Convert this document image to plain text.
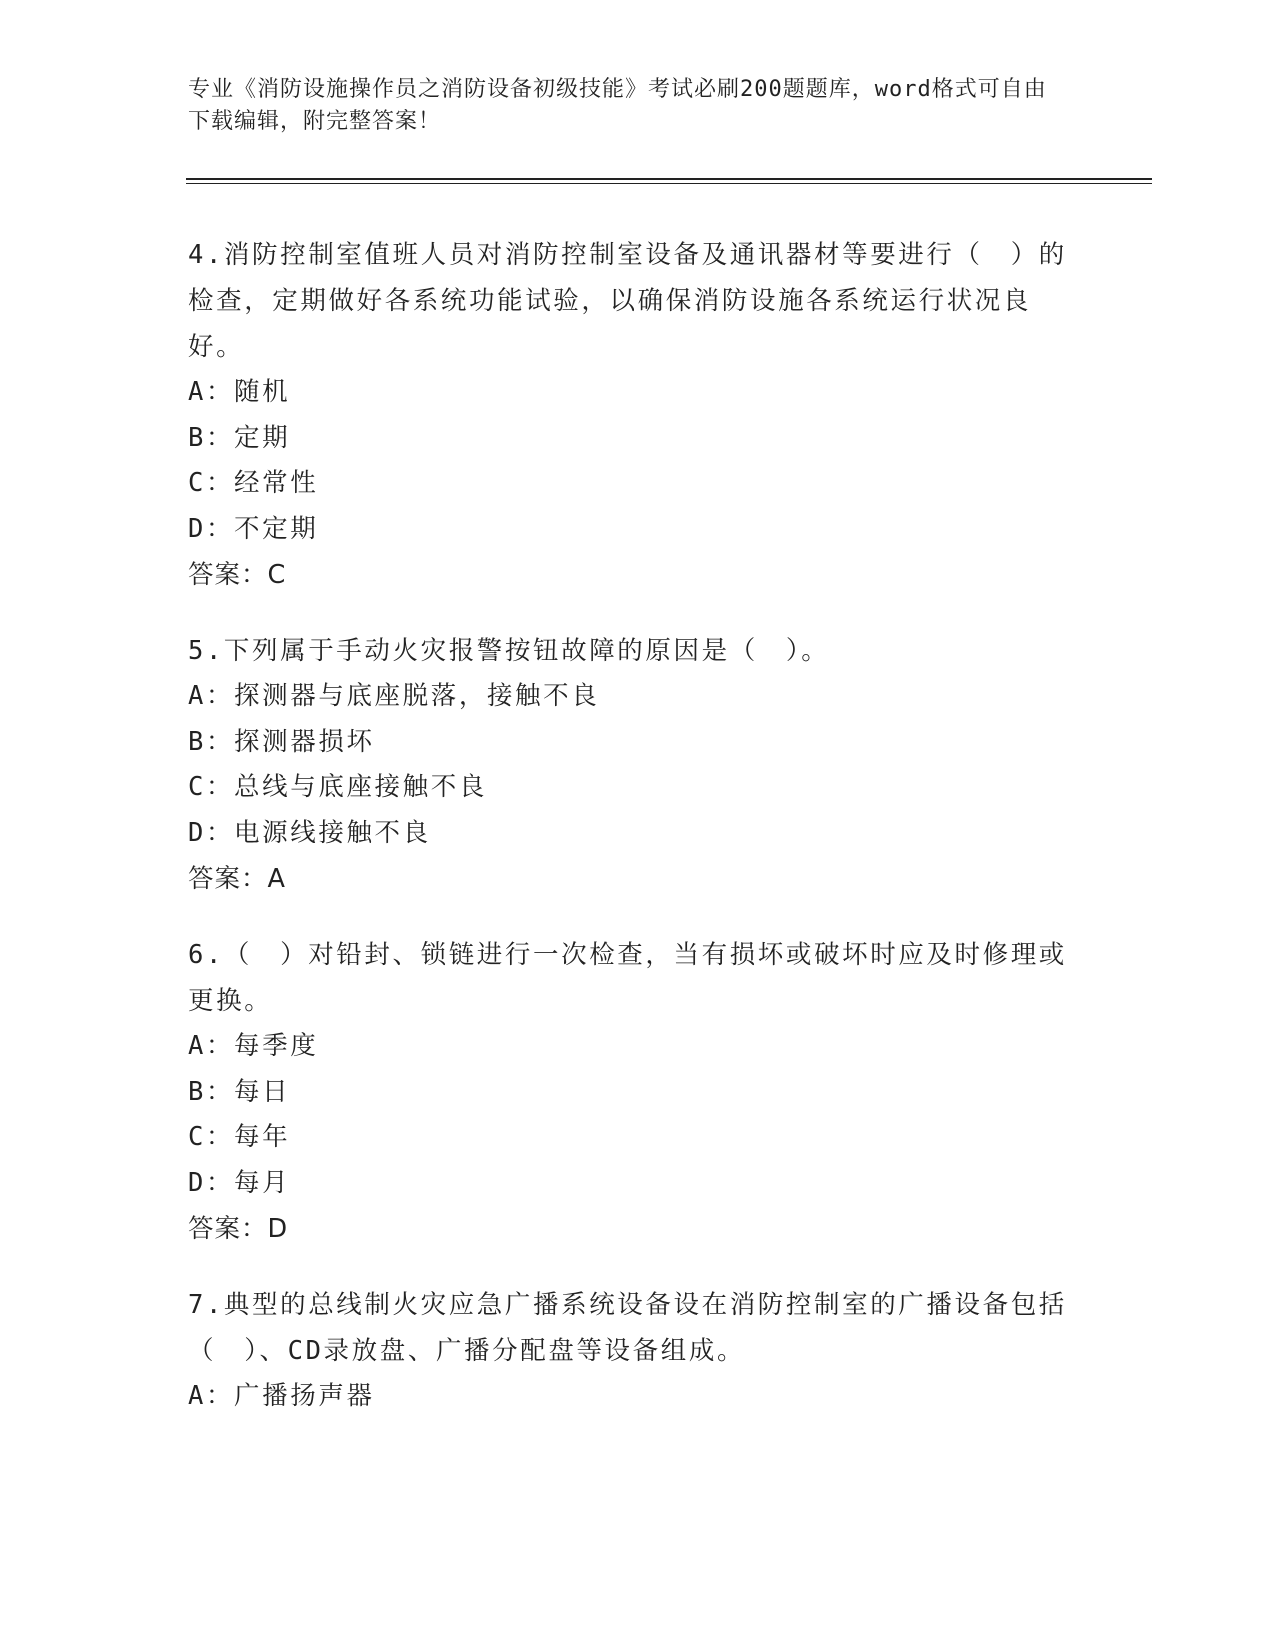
专业《消防设施操作员之消防设备初级技能》考试必刷200题题库，word格式可自由下载编辑，附完整答案！

4.消防控制室值班人员对消防控制室设备及通讯器材等要进行（　）的检查，定期做好各系统功能试验，以确保消防设施各系统运行状况良好。

A：随机

B：定期

C：经常性

D：不定期

答案：C

5.下列属于手动火灾报警按钮故障的原因是（　）。

A：探测器与底座脱落，接触不良

B：探测器损坏

C：总线与底座接触不良

D：电源线接触不良

答案：A

6.（　）对铅封、锁链进行一次检查，当有损坏或破坏时应及时修理或更换。

A：每季度

B：每日

C：每年

D：每月

答案：D

7.典型的总线制火灾应急广播系统设备设在消防控制室的广播设备包括（　）、CD录放盘、广播分配盘等设备组成。

A：广播扬声器
